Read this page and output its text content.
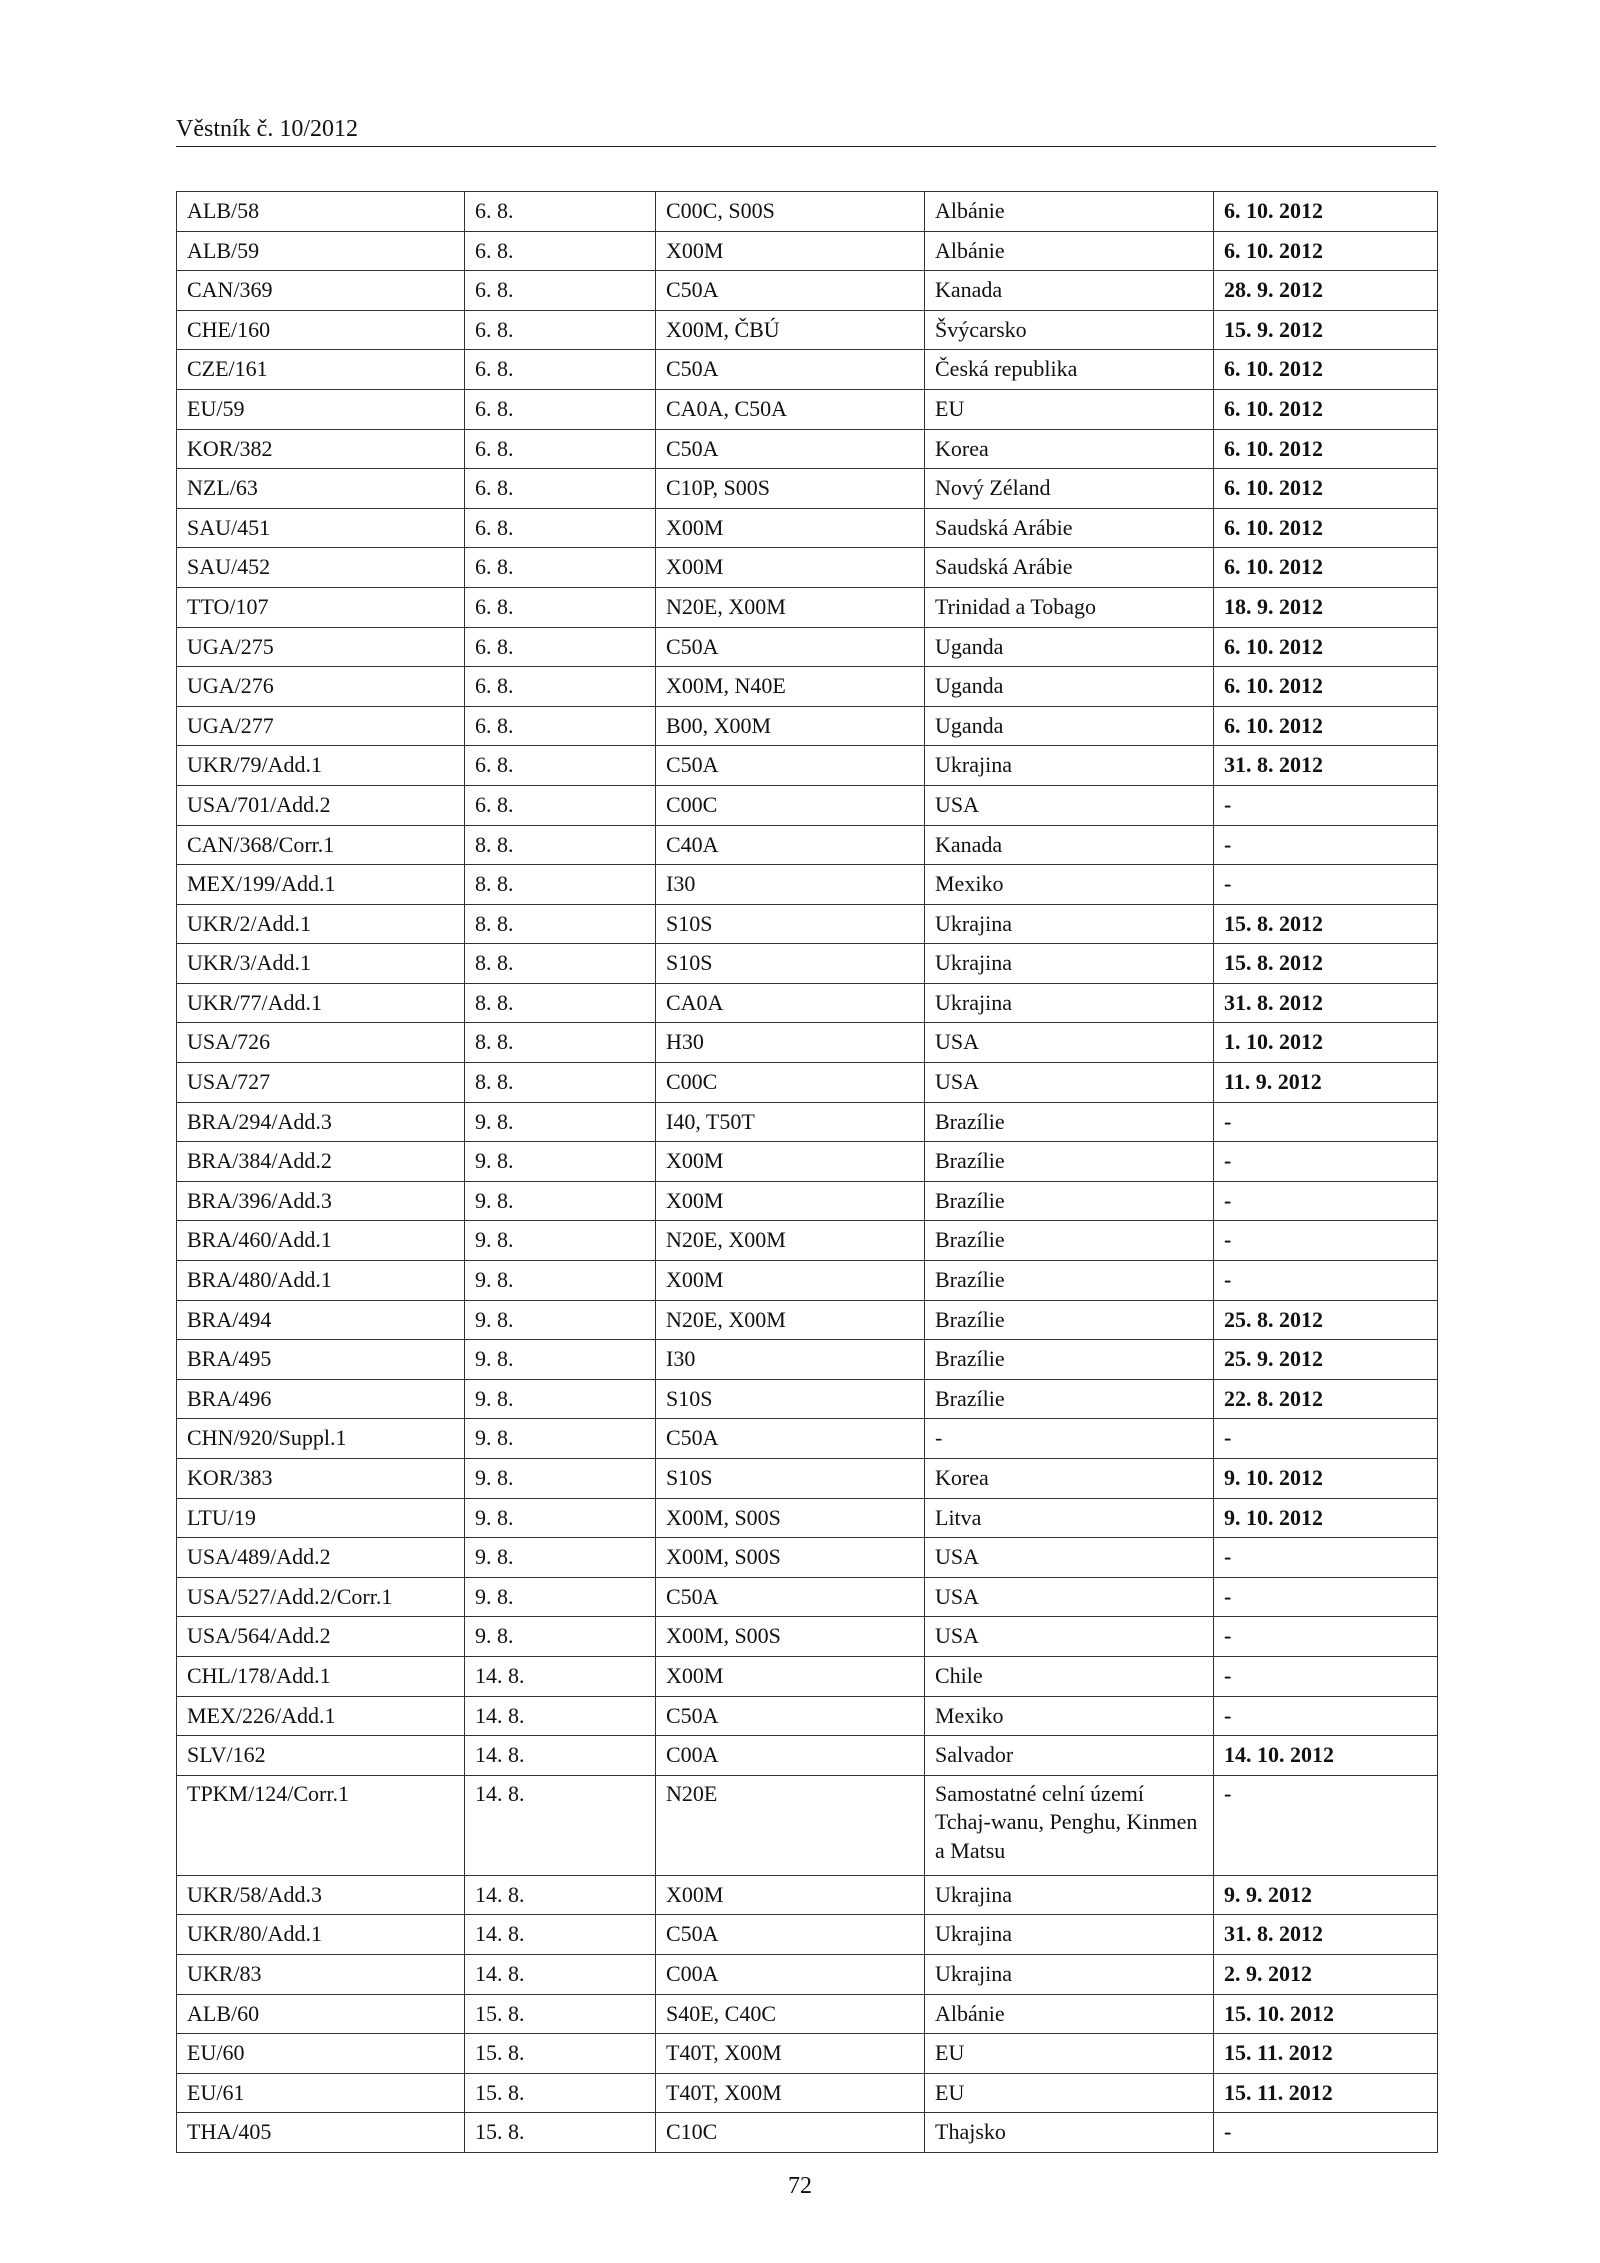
Věstník č. 10/2012
ALB/58	6. 8.	C00C, S00S	Albánie	6. 10. 2012
ALB/59	6. 8.	X00M	Albánie	6. 10. 2012
CAN/369	6. 8.	C50A	Kanada	28. 9. 2012
CHE/160	6. 8.	X00M, ČBÚ	Švýcarsko	15. 9. 2012
CZE/161	6. 8.	C50A	Česká republika	6. 10. 2012
EU/59	6. 8.	CA0A, C50A	EU	6. 10. 2012
KOR/382	6. 8.	C50A	Korea	6. 10. 2012
NZL/63	6. 8.	C10P, S00S	Nový Zéland	6. 10. 2012
SAU/451	6. 8.	X00M	Saudská Arábie	6. 10. 2012
SAU/452	6. 8.	X00M	Saudská Arábie	6. 10. 2012
TTO/107	6. 8.	N20E, X00M	Trinidad a Tobago	18. 9. 2012
UGA/275	6. 8.	C50A	Uganda	6. 10. 2012
UGA/276	6. 8.	X00M, N40E	Uganda	6. 10. 2012
UGA/277	6. 8.	B00, X00M	Uganda	6. 10. 2012
UKR/79/Add.1	6. 8.	C50A	Ukrajina	31. 8. 2012
USA/701/Add.2	6. 8.	C00C	USA	-
CAN/368/Corr.1	8. 8.	C40A	Kanada	-
MEX/199/Add.1	8. 8.	I30	Mexiko	-
UKR/2/Add.1	8. 8.	S10S	Ukrajina	15. 8. 2012
UKR/3/Add.1	8. 8.	S10S	Ukrajina	15. 8. 2012
UKR/77/Add.1	8. 8.	CA0A	Ukrajina	31. 8. 2012
USA/726	8. 8.	H30	USA	1. 10. 2012
USA/727	8. 8.	C00C	USA	11. 9. 2012
BRA/294/Add.3	9. 8.	I40, T50T	Brazílie	-
BRA/384/Add.2	9. 8.	X00M	Brazílie	-
BRA/396/Add.3	9. 8.	X00M	Brazílie	-
BRA/460/Add.1	9. 8.	N20E, X00M	Brazílie	-
BRA/480/Add.1	9. 8.	X00M	Brazílie	-
BRA/494	9. 8.	N20E, X00M	Brazílie	25. 8. 2012
BRA/495	9. 8.	I30	Brazílie	25. 9. 2012
BRA/496	9. 8.	S10S	Brazílie	22. 8. 2012
CHN/920/Suppl.1	9. 8.	C50A	-	-
KOR/383	9. 8.	S10S	Korea	9. 10. 2012
LTU/19	9. 8.	X00M, S00S	Litva	9. 10. 2012
USA/489/Add.2	9. 8.	X00M, S00S	USA	-
USA/527/Add.2/Corr.1	9. 8.	C50A	USA	-
USA/564/Add.2	9. 8.	X00M, S00S	USA	-
CHL/178/Add.1	14. 8.	X00M	Chile	-
MEX/226/Add.1	14. 8.	C50A	Mexiko	-
SLV/162	14. 8.	C00A	Salvador	14. 10. 2012
TPKM/124/Corr.1	14. 8.	N20E	Samostatné celní území Tchaj-wanu, Penghu, Kinmen a Matsu	-
UKR/58/Add.3	14. 8.	X00M	Ukrajina	9. 9. 2012
UKR/80/Add.1	14. 8.	C50A	Ukrajina	31. 8. 2012
UKR/83	14. 8.	C00A	Ukrajina	2. 9. 2012
ALB/60	15. 8.	S40E, C40C	Albánie	15. 10. 2012
EU/60	15. 8.	T40T, X00M	EU	15. 11. 2012
EU/61	15. 8.	T40T, X00M	EU	15. 11. 2012
THA/405	15. 8.	C10C	Thajsko	-
72
